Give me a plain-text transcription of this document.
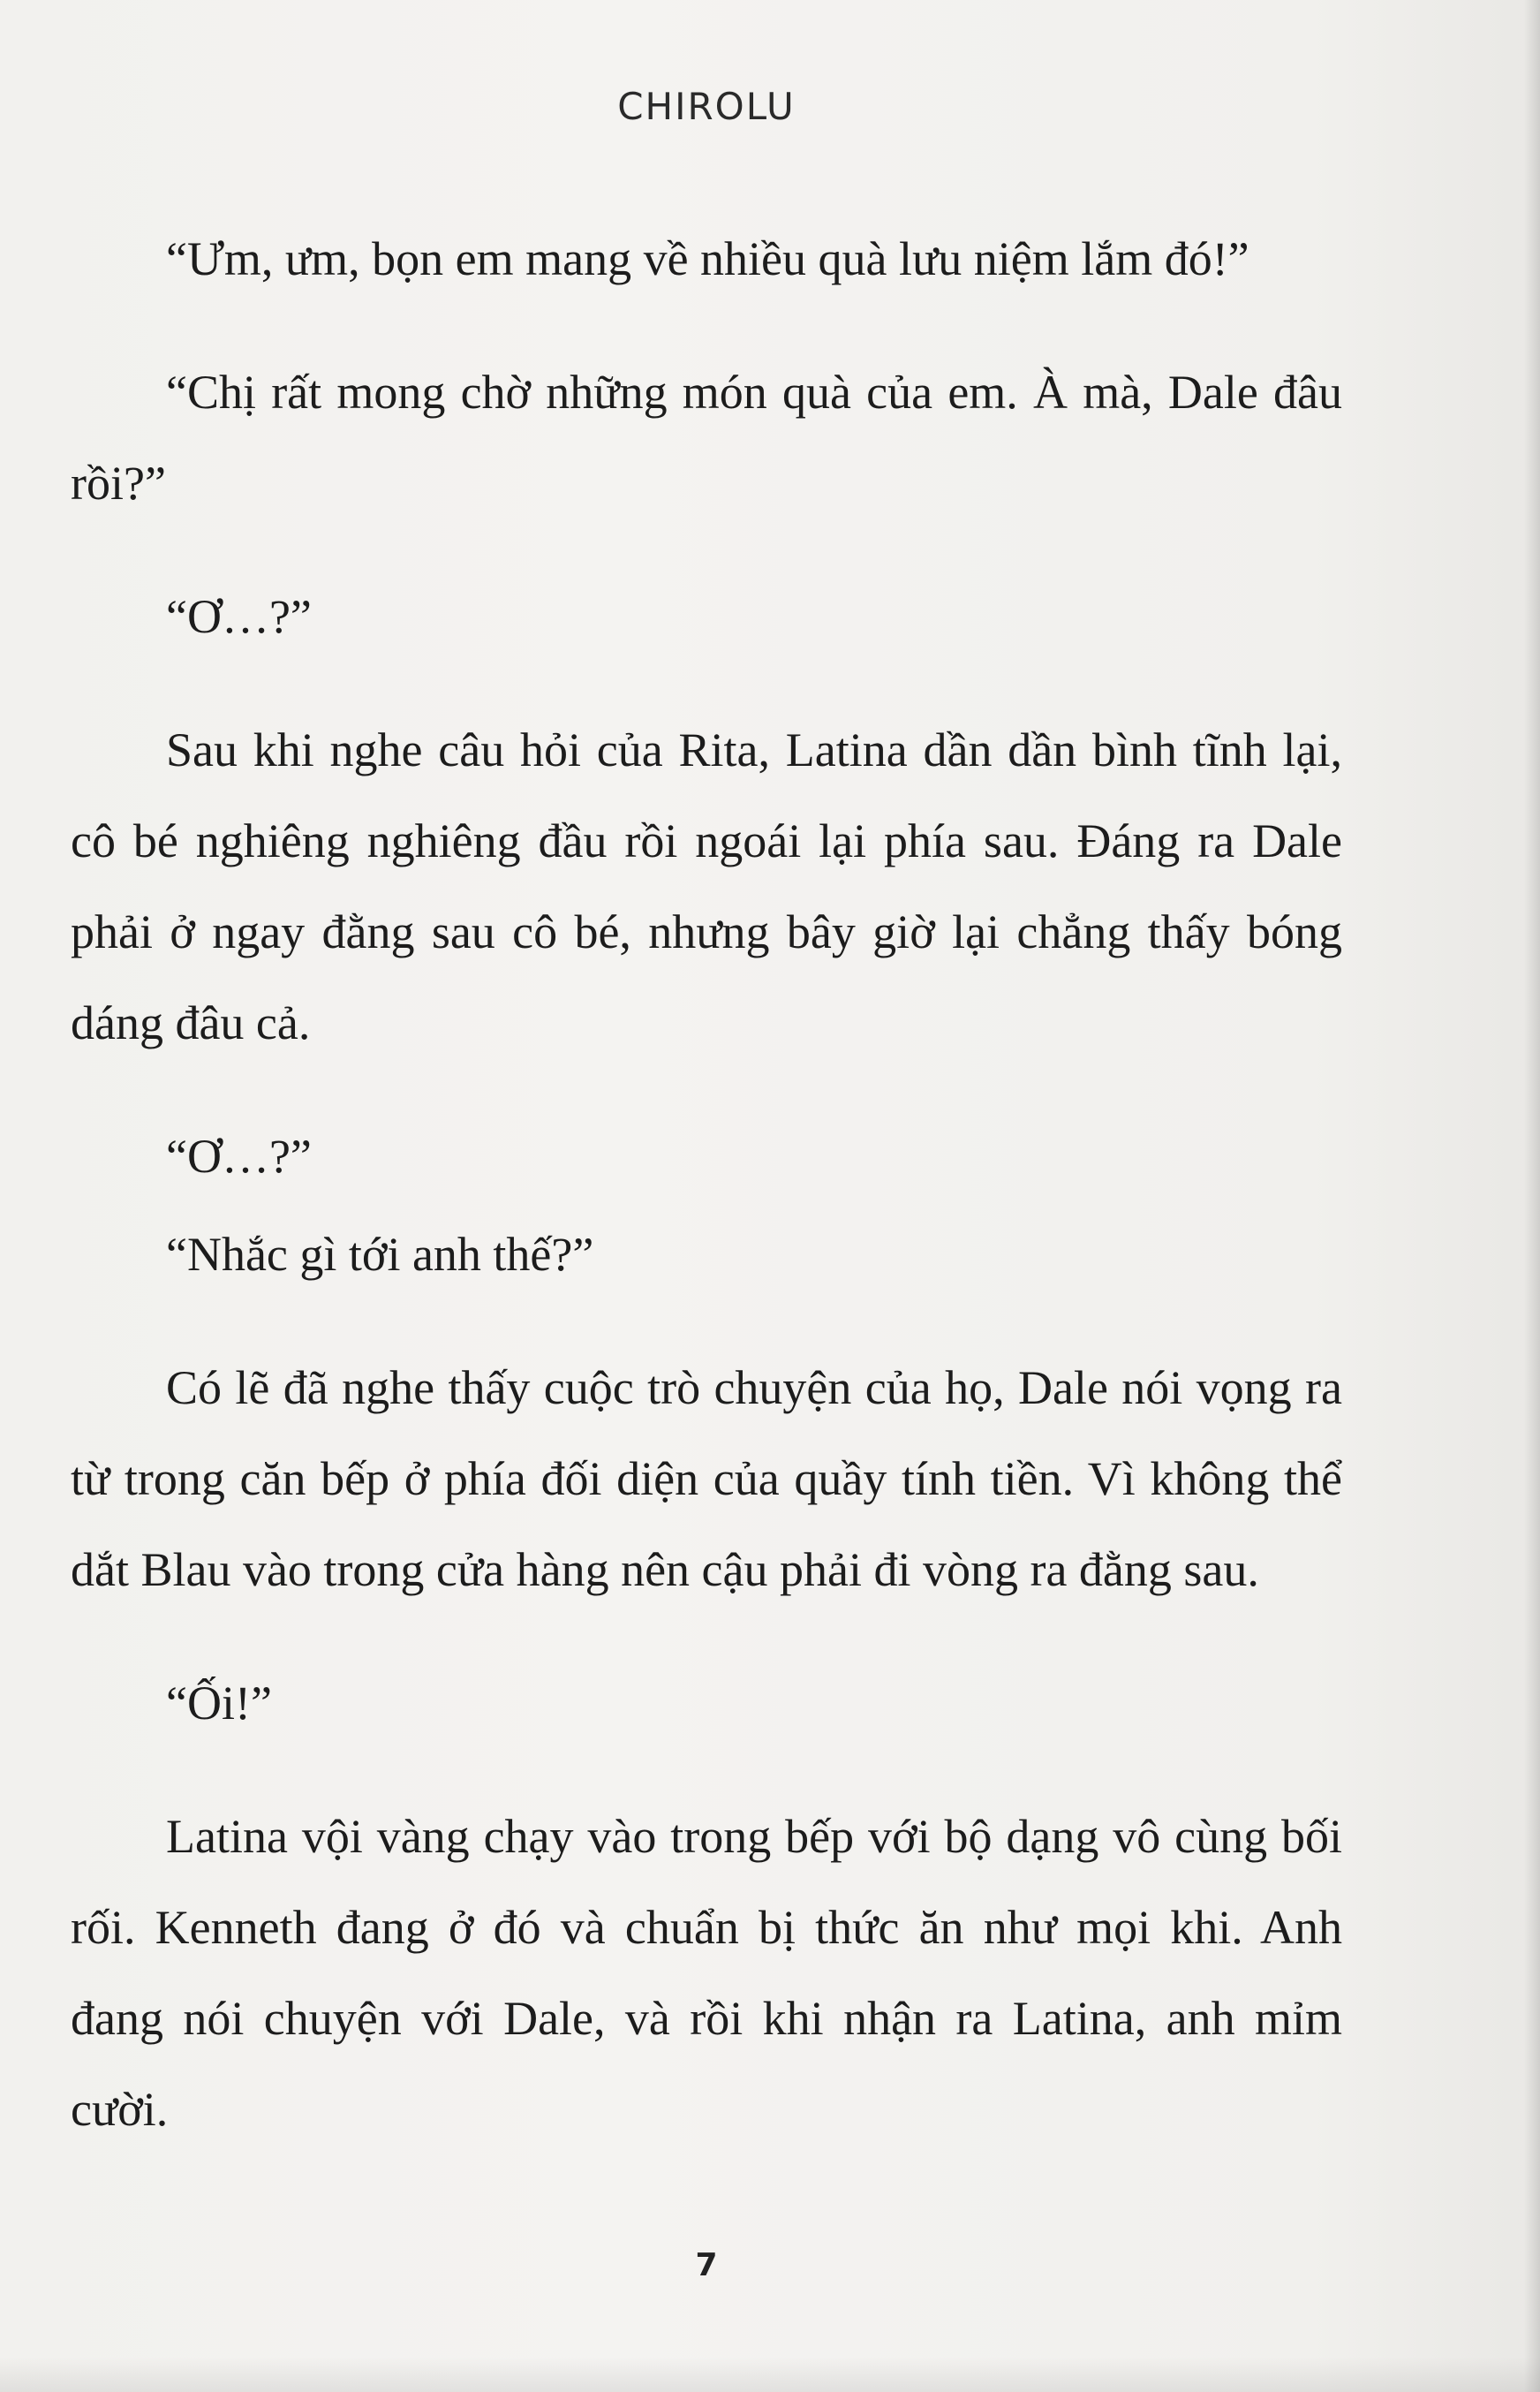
CHIROLU

“Ưm, ưm, bọn em mang về nhiều quà lưu niệm lắm đó!”

“Chị rất mong chờ những món quà của em. À mà, Dale đâu rồi?”

“Ơ…?”

Sau khi nghe câu hỏi của Rita, Latina dần dần bình tĩnh lại, cô bé nghiêng nghiêng đầu rồi ngoái lại phía sau. Đáng ra Dale phải ở ngay đằng sau cô bé, nhưng bây giờ lại chẳng thấy bóng dáng đâu cả.

“Ơ…?”

“Nhắc gì tới anh thế?”

Có lẽ đã nghe thấy cuộc trò chuyện của họ, Dale nói vọng ra từ trong căn bếp ở phía đối diện của quầy tính tiền. Vì không thể dắt Blau vào trong cửa hàng nên cậu phải đi vòng ra đằng sau.

“Ối!”

Latina vội vàng chạy vào trong bếp với bộ dạng vô cùng bối rối. Kenneth đang ở đó và chuẩn bị thức ăn như mọi khi. Anh đang nói chuyện với Dale, và rồi khi nhận ra Latina, anh mỉm cười.

7
